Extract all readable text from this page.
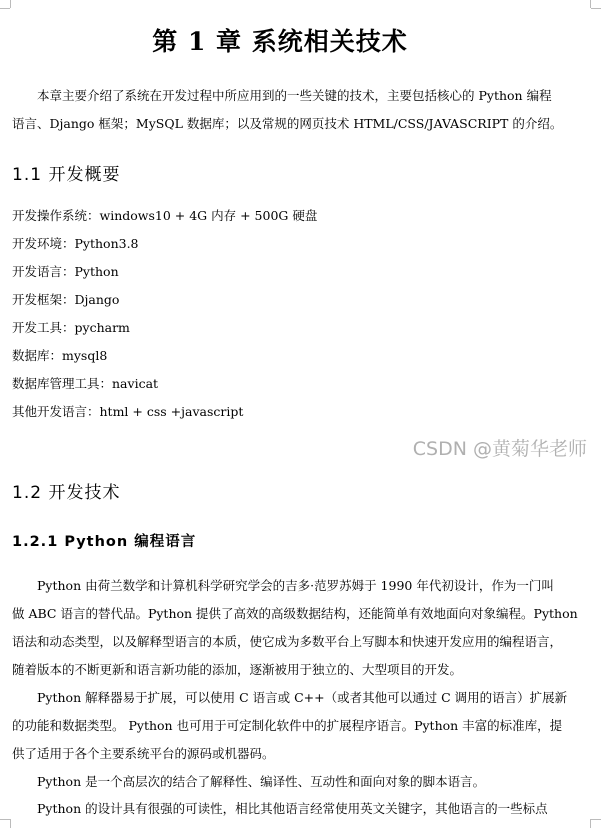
第 1 章 系统相关技术
本章主要介绍了系统在开发过程中所应用到的一些关键的技术，主要包括核心的 Python 编程
语言、Django 框架；MySQL 数据库；以及常规的网页技术 HTML/CSS/JAVASCRIPT 的介绍。
1.1 开发概要
开发操作系统：windows10 + 4G 内存 + 500G 硬盘
开发环境：Python3.8
开发语言：Python
开发框架：Django
开发工具：pycharm
数据库：mysql8
数据库管理工具：navicat
其他开发语言：html + css +javascript
CSDN @黄菊华老师
1.2 开发技术
1.2.1 Python 编程语言
Python 由荷兰数学和计算机科学研究学会的吉多·范罗苏姆于 1990 年代初设计，作为一门叫
做 ABC 语言的替代品。Python 提供了高效的高级数据结构，还能简单有效地面向对象编程。Python
语法和动态类型，以及解释型语言的本质，使它成为多数平台上写脚本和快速开发应用的编程语言，
随着版本的不断更新和语言新功能的添加，逐渐被用于独立的、大型项目的开发。
Python 解释器易于扩展，可以使用 C 语言或 C++（或者其他可以通过 C 调用的语言）扩展新
的功能和数据类型。 Python 也可用于可定制化软件中的扩展程序语言。Python 丰富的标准库，提
供了适用于各个主要系统平台的源码或机器码。
Python 是一个高层次的结合了解释性、编译性、互动性和面向对象的脚本语言。
Python 的设计具有很强的可读性，相比其他语言经常使用英文关键字，其他语言的一些标点
